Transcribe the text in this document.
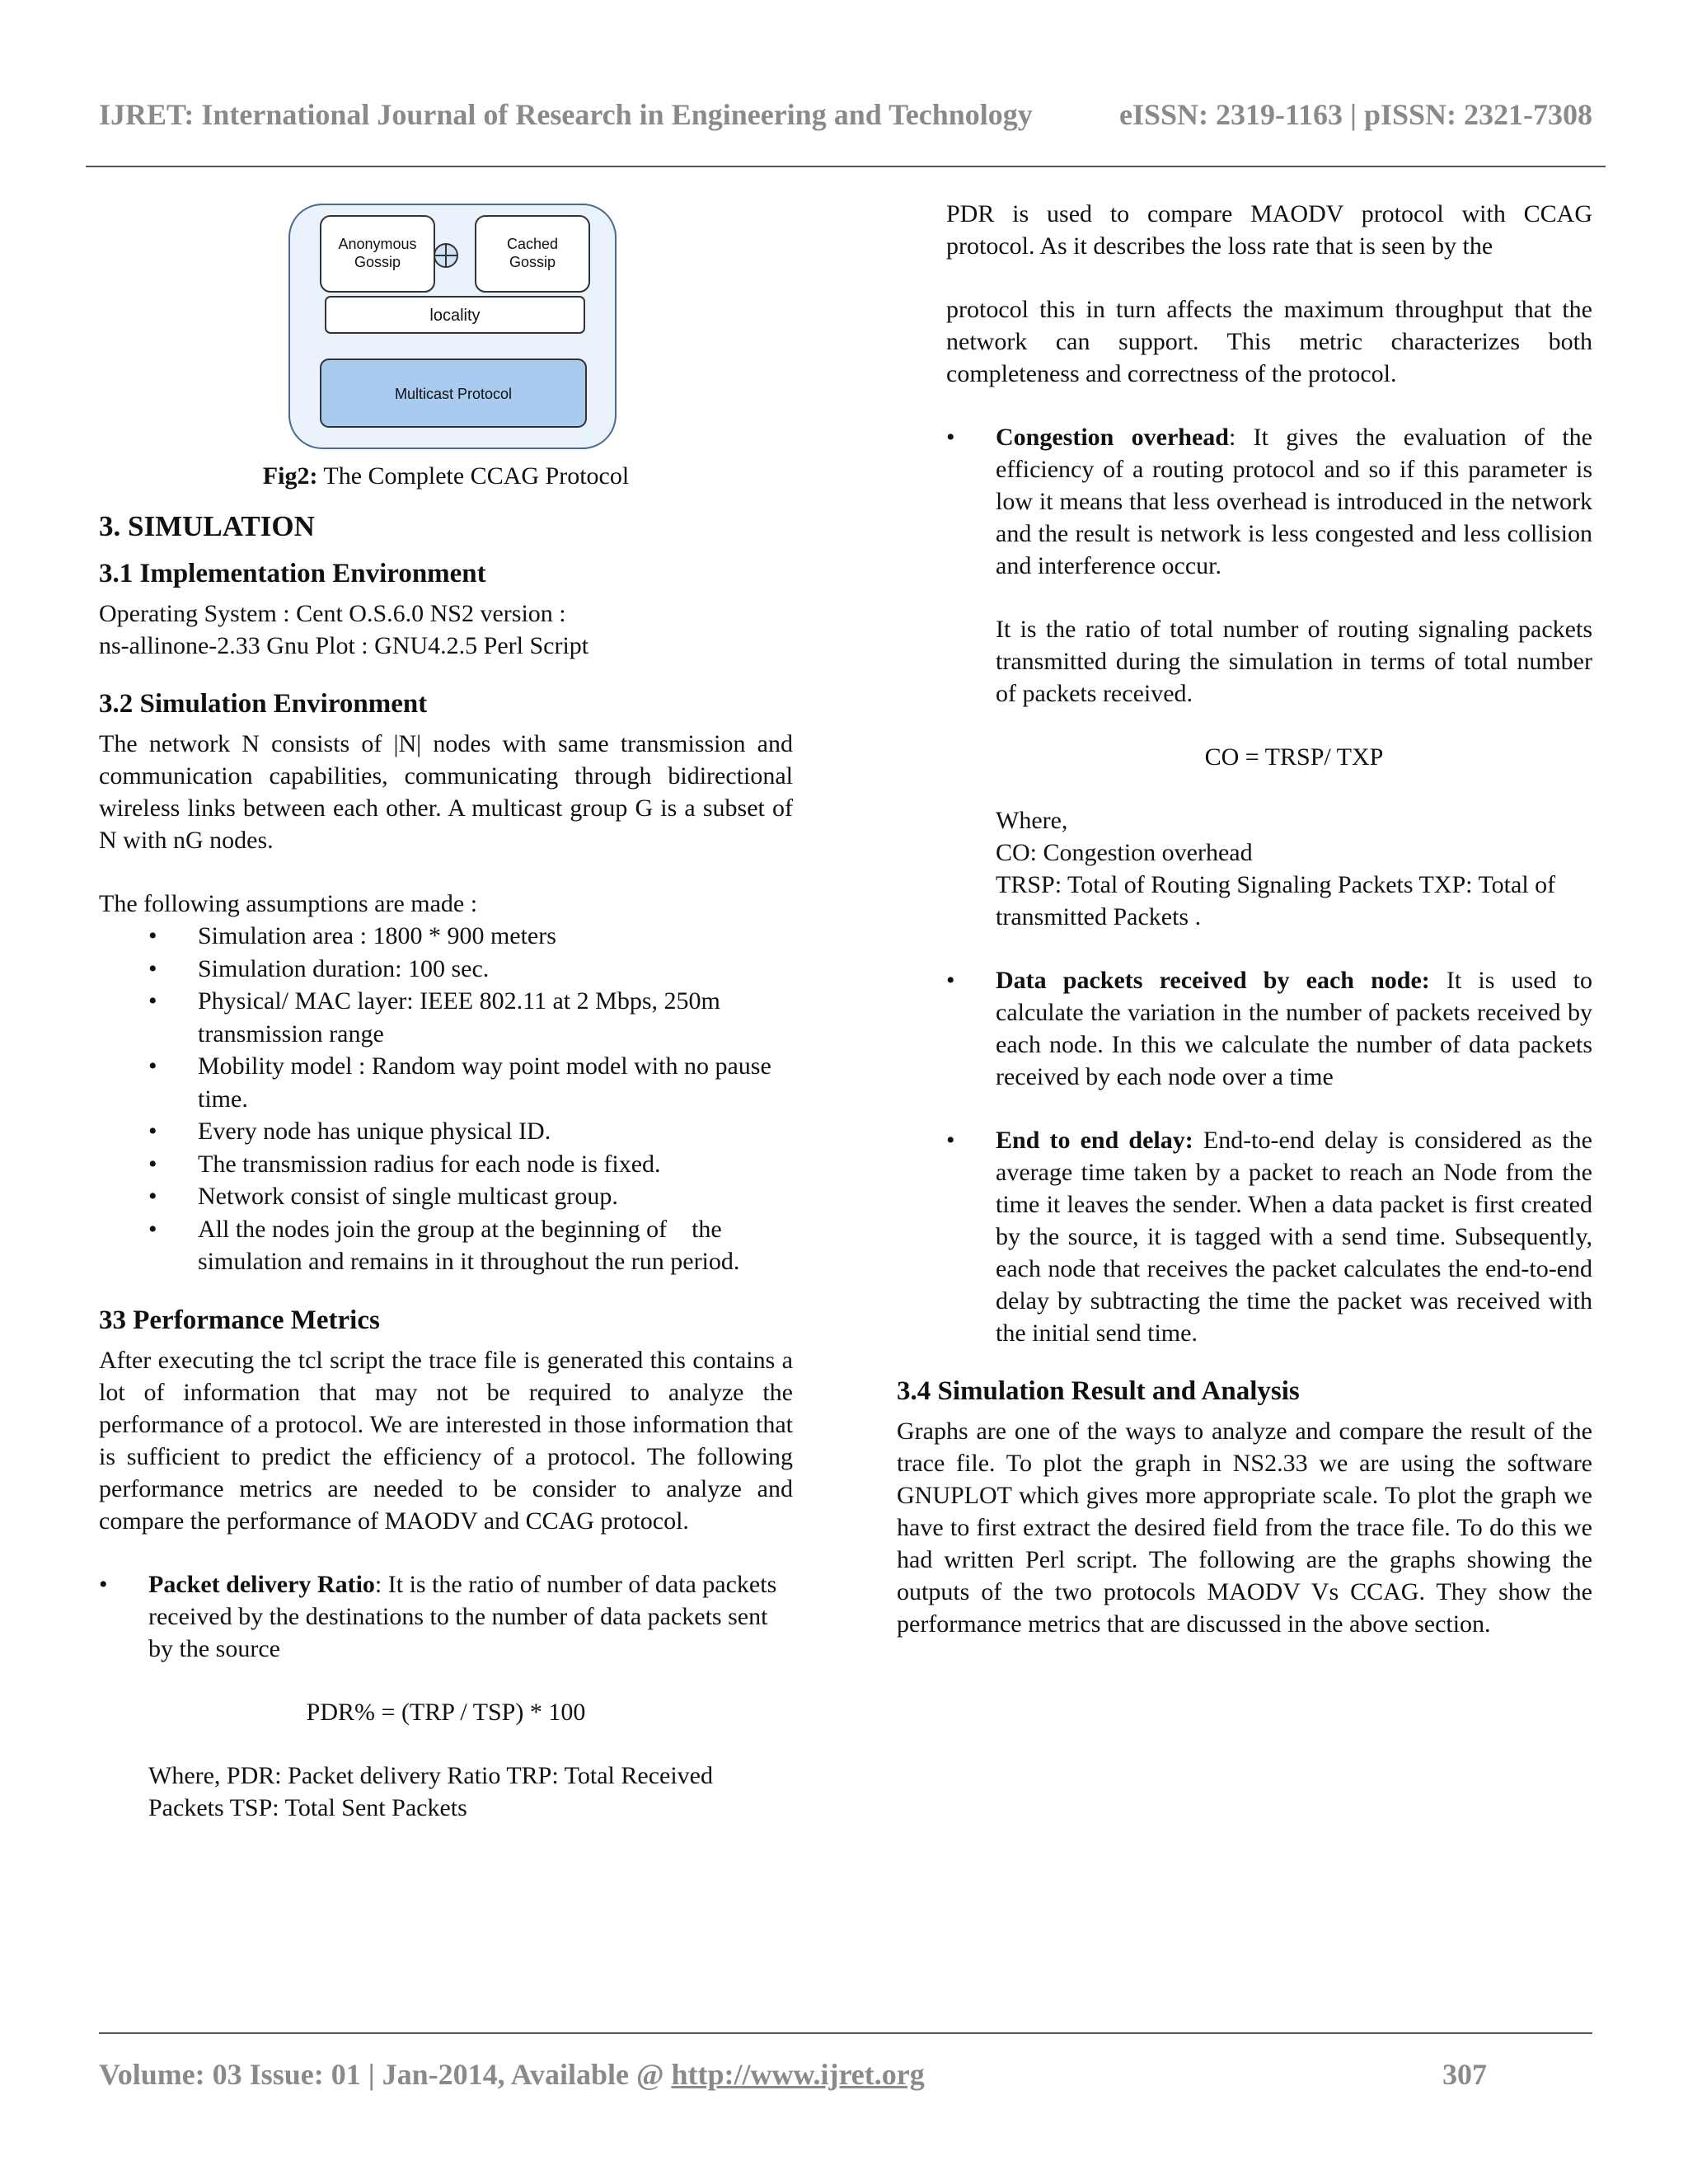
IJRET: International Journal of Research in Engineering and Technology	eISSN: 2319-1163 | pISSN: 2321-7308
Anonymous
Gossip
Cached
Gossip
locality
Multicast Protocol

Fig2: The Complete CCAG Protocol

3. SIMULATION
3.1 Implementation Environment

Operating System : Cent O.S.6.0 NS2 version :
ns-allinone-2.33 Gnu Plot : GNU4.2.5 Perl Script

3.2 Simulation Environment

The network N consists of |N| nodes with same transmission and communication capabilities, communicating through bidirectional wireless links between each other. A multicast group G is a subset of N with nG nodes.

The following assumptions are made :

• Simulation area : 1800 * 900 meters
• Simulation duration: 100 sec.
• Physical/ MAC layer: IEEE 802.11 at 2 Mbps, 250m transmission range
• Mobility model : Random way point model with no pause time.
• Every node has unique physical ID.
• The transmission radius for each node is fixed.
• Network consist of single multicast group.
• All the nodes join the group at the beginning of    the simulation and remains in it throughout the run period.
33 Performance Metrics

After executing the tcl script the trace file is generated this contains a lot of information that may not be required to analyze the performance of a protocol. We are interested in those information that is sufficient to predict the efficiency of a protocol. The following performance metrics are needed to be consider to analyze and compare the performance of MAODV and CCAG protocol.

• Packet delivery Ratio: It is the ratio of number of data packets received by the destinations to the number of data packets sent by the source

PDR% = (TRP / TSP) * 100

Where, PDR: Packet delivery Ratio TRP: Total Received Packets TSP: Total Sent Packets

PDR is used to compare MAODV protocol with CCAG protocol. As it describes the loss rate that is seen by the

protocol this in turn affects the maximum throughput that the network can support. This metric characterizes both completeness and correctness of the protocol.

• Congestion overhead: It gives the evaluation of the efficiency of a routing protocol and so if this parameter is low it means that less overhead is introduced in the network and the result is network is less congested and less collision and interference occur.

It is the ratio of total number of routing signaling packets transmitted during the simulation in terms of total number of packets received.

CO = TRSP/ TXP

Where,
CO: Congestion overhead
TRSP: Total of Routing Signaling Packets TXP: Total of transmitted Packets .

• Data packets received by each node: It is used to calculate the variation in the number of packets received by each node. In this we calculate the number of data packets received by each node over a time

• End to end delay: End-to-end delay is considered as the average time taken by a packet to reach an Node from the time it leaves the sender. When a data packet is first created by the source, it is tagged with a send time. Subsequently, each node that receives the packet calculates the end-to-end delay by subtracting the time the packet was received with the initial send time.

3.4 Simulation Result and Analysis

Graphs are one of the ways to analyze and compare the result of the trace file. To plot the graph in NS2.33 we are using the software GNUPLOT which gives more appropriate scale. To plot the graph we have to first extract the desired field from the trace file. To do this we had written Perl script. The following are the graphs showing the outputs of the two protocols MAODV Vs CCAG. They show the performance metrics that are discussed in the above section.

Volume: 03 Issue: 01 | Jan-2014, Available @ http://www.ijret.org	307
